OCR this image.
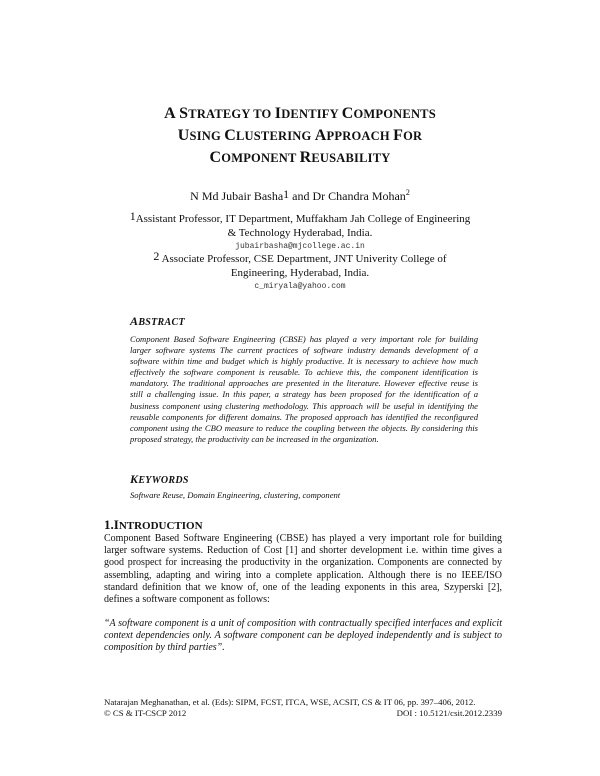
A STRATEGY TO IDENTIFY COMPONENTS
USING CLUSTERING APPROACH FOR
COMPONENT REUSABILITY
N Md Jubair Basha1 and Dr Chandra Mohan$^2$
1Assistant Professor, IT Department, Muffakham Jah College of Engineering
& Technology Hyderabad, India.
jubairbasha@mjcollege.ac.in
2 Associate Professor, CSE Department, JNT Univerity College of
Engineering, Hyderabad, India.
c_miryala@yahoo.com
ABSTRACT
Component Based Software Engineering (CBSE) has played a very important role for building larger software systems The current practices of software industry demands development of a software within time and budget which is highly productive. It is necessary to achieve how much effectively the software component is reusable. To achieve this, the component identification is mandatory. The traditional approaches are presented in the literature. However effective reuse is still a challenging issue. In this paper, a strategy has been proposed for the identification of a business component using clustering methodology. This approach will be useful in identifying the reusable components for different domains. The proposed approach has identified the reconfigured component using the CBO measure to reduce the coupling between the objects. By considering this proposed strategy, the productivity can be increased in the organization.
KEYWORDS
Software Reuse, Domain Engineering, clustering, component
1.INTRODUCTION
Component Based Software Engineering (CBSE) has played a very important role for building larger software systems. Reduction of Cost [1] and shorter development i.e. within time gives a good prospect for increasing the productivity in the organization. Components are connected by assembling, adapting and wiring into a complete application. Although there is no IEEE/ISO standard definition that we know of, one of the leading exponents in this area, Szyperski [2], defines a software component as follows:
“A software component is a unit of composition with contractually specified interfaces and explicit context dependencies only. A software component can be deployed independently and is subject to composition by third parties”.
Natarajan Meghanathan, et al. (Eds): SIPM, FCST, ITCA, WSE, ACSIT, CS & IT 06, pp. 397–406, 2012.
© CS & IT-CSCP 2012	DOI : 10.5121/csit.2012.2339
